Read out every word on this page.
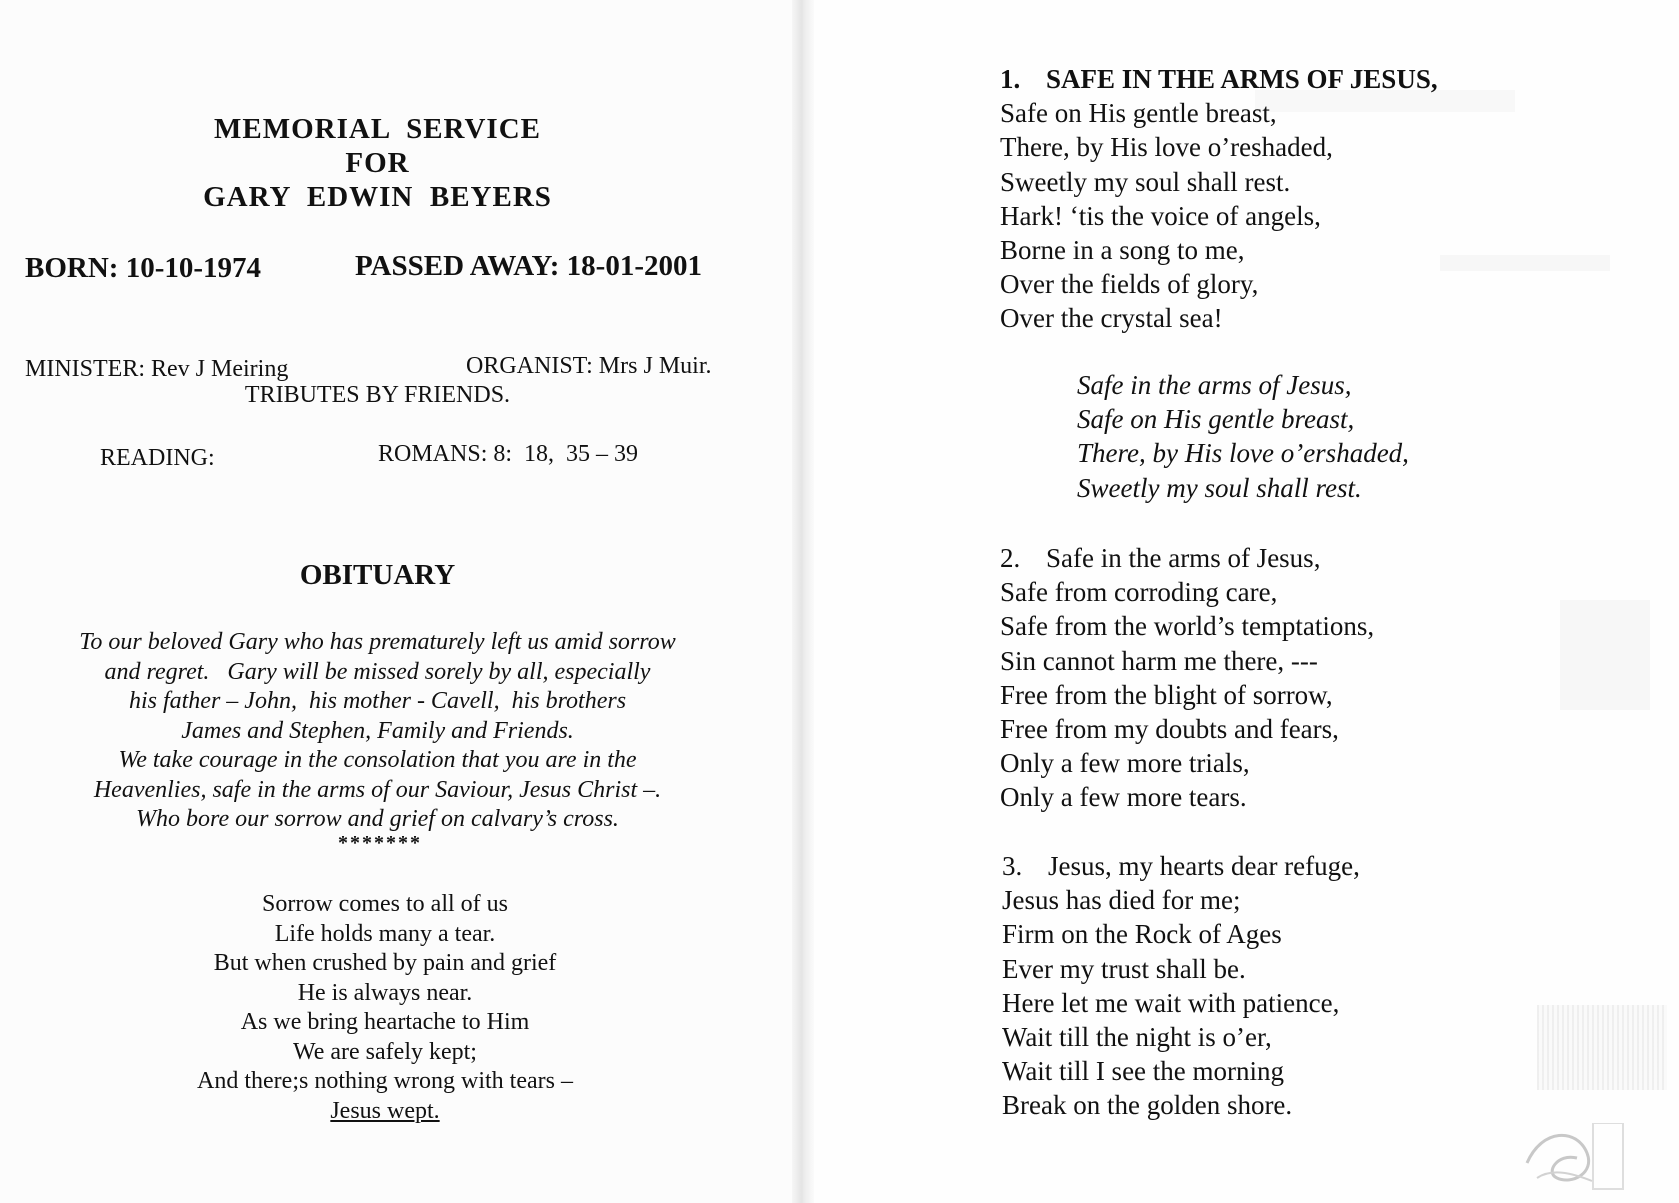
MEMORIAL  SERVICE
FOR
GARY  EDWIN  BEYERS
BORN: 10-10-1974	PASSED AWAY: 18-01-2001
MINISTER: Rev J Meiring	ORGANIST: Mrs J Muir.
TRIBUTES BY FRIENDS.
READING:	ROMANS: 8:  18,  35 – 39
OBITUARY
To our beloved Gary who has prematurely left us amid sorrow
and regret.   Gary will be missed sorely by all, especially
his father – John,  his mother - Cavell,  his brothers
James and Stephen, Family and Friends.
We take courage in the consolation that you are in the
Heavenlies, safe in the arms of our Saviour, Jesus Christ –.
Who bore our sorrow and grief on calvary’s cross.
*******
Sorrow comes to all of us
Life holds many a tear.
But when crushed by pain and grief
He is always near.
As we bring heartache to Him
We are safely kept;
And there;s nothing wrong with tears –
Jesus wept.
1. SAFE IN THE ARMS OF JESUS,
Safe on His gentle breast,
There, by His love o’reshaded,
Sweetly my soul shall rest.
Hark! ‘tis the voice of angels,
Borne in a song to me,
Over the fields of glory,
Over the crystal sea!
Safe in the arms of Jesus,
Safe on His gentle breast,
There, by His love o’ershaded,
Sweetly my soul shall rest.
2. Safe in the arms of Jesus,
Safe from corroding care,
Safe from the world’s temptations,
Sin cannot harm me there, ---
Free from the blight of sorrow,
Free from my doubts and fears,
Only a few more trials,
Only a few more tears.
3. Jesus, my hearts dear refuge,
Jesus has died for me;
Firm on the Rock of Ages
Ever my trust shall be.
Here let me wait with patience,
Wait till the night is o’er,
Wait till I see the morning
Break on the golden shore.
